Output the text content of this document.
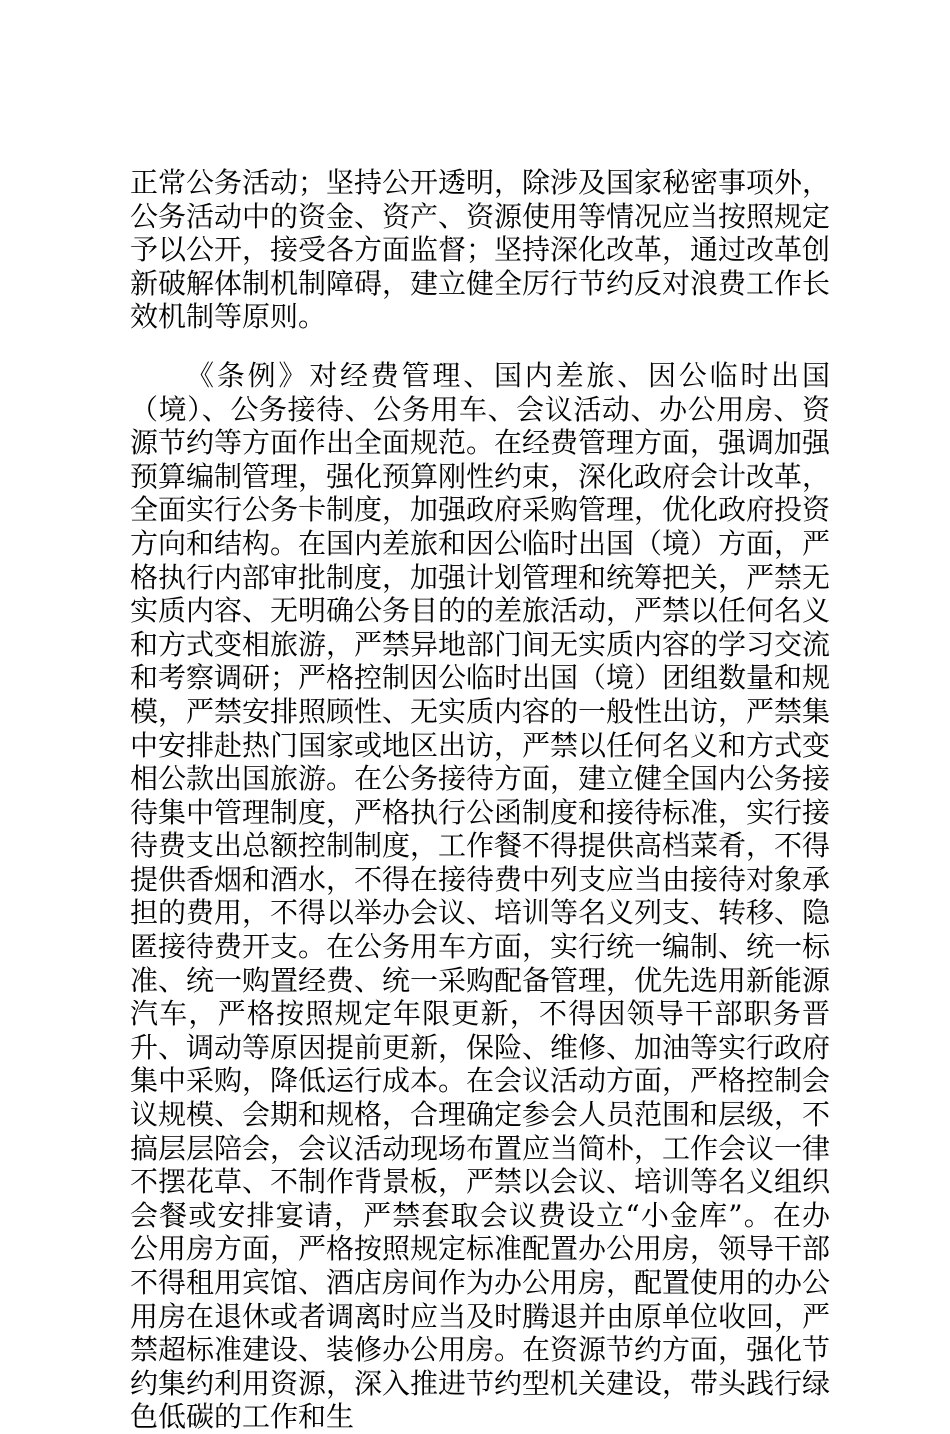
正常公务活动；坚持公开透明，除涉及国家秘密事项外，公务活动中的资金、资产、资源使用等情况应当按照规定予以公开，接受各方面监督；坚持深化改革，通过改革创新破解体制机制障碍，建立健全厉行节约反对浪费工作长效机制等原则。

《条例》对经费管理、国内差旅、因公临时出国（境）、公务接待、公务用车、会议活动、办公用房、资源节约等方面作出全面规范。在经费管理方面，强调加强预算编制管理，强化预算刚性约束，深化政府会计改革，全面实行公务卡制度，加强政府采购管理，优化政府投资方向和结构。在国内差旅和因公临时出国（境）方面，严格执行内部审批制度，加强计划管理和统筹把关，严禁无实质内容、无明确公务目的的差旅活动，严禁以任何名义和方式变相旅游，严禁异地部门间无实质内容的学习交流和考察调研；严格控制因公临时出国（境）团组数量和规模，严禁安排照顾性、无实质内容的一般性出访，严禁集中安排赴热门国家或地区出访，严禁以任何名义和方式变相公款出国旅游。在公务接待方面，建立健全国内公务接待集中管理制度，严格执行公函制度和接待标准，实行接待费支出总额控制制度，工作餐不得提供高档菜肴，不得提供香烟和酒水，不得在接待费中列支应当由接待对象承担的费用，不得以举办会议、培训等名义列支、转移、隐匿接待费开支。在公务用车方面，实行统一编制、统一标准、统一购置经费、统一采购配备管理，优先选用新能源汽车，严格按照规定年限更新，不得因领导干部职务晋升、调动等原因提前更新，保险、维修、加油等实行政府集中采购，降低运行成本。在会议活动方面，严格控制会议规模、会期和规格，合理确定参会人员范围和层级，不搞层层陪会，会议活动现场布置应当简朴，工作会议一律不摆花草、不制作背景板，严禁以会议、培训等名义组织会餐或安排宴请，严禁套取会议费设立“小金库”。在办公用房方面，严格按照规定标准配置办公用房，领导干部不得租用宾馆、酒店房间作为办公用房，配置使用的办公用房在退休或者调离时应当及时腾退并由原单位收回，严禁超标准建设、装修办公用房。在资源节约方面，强化节约集约利用资源，深入推进节约型机关建设，带头践行绿色低碳的工作和生
